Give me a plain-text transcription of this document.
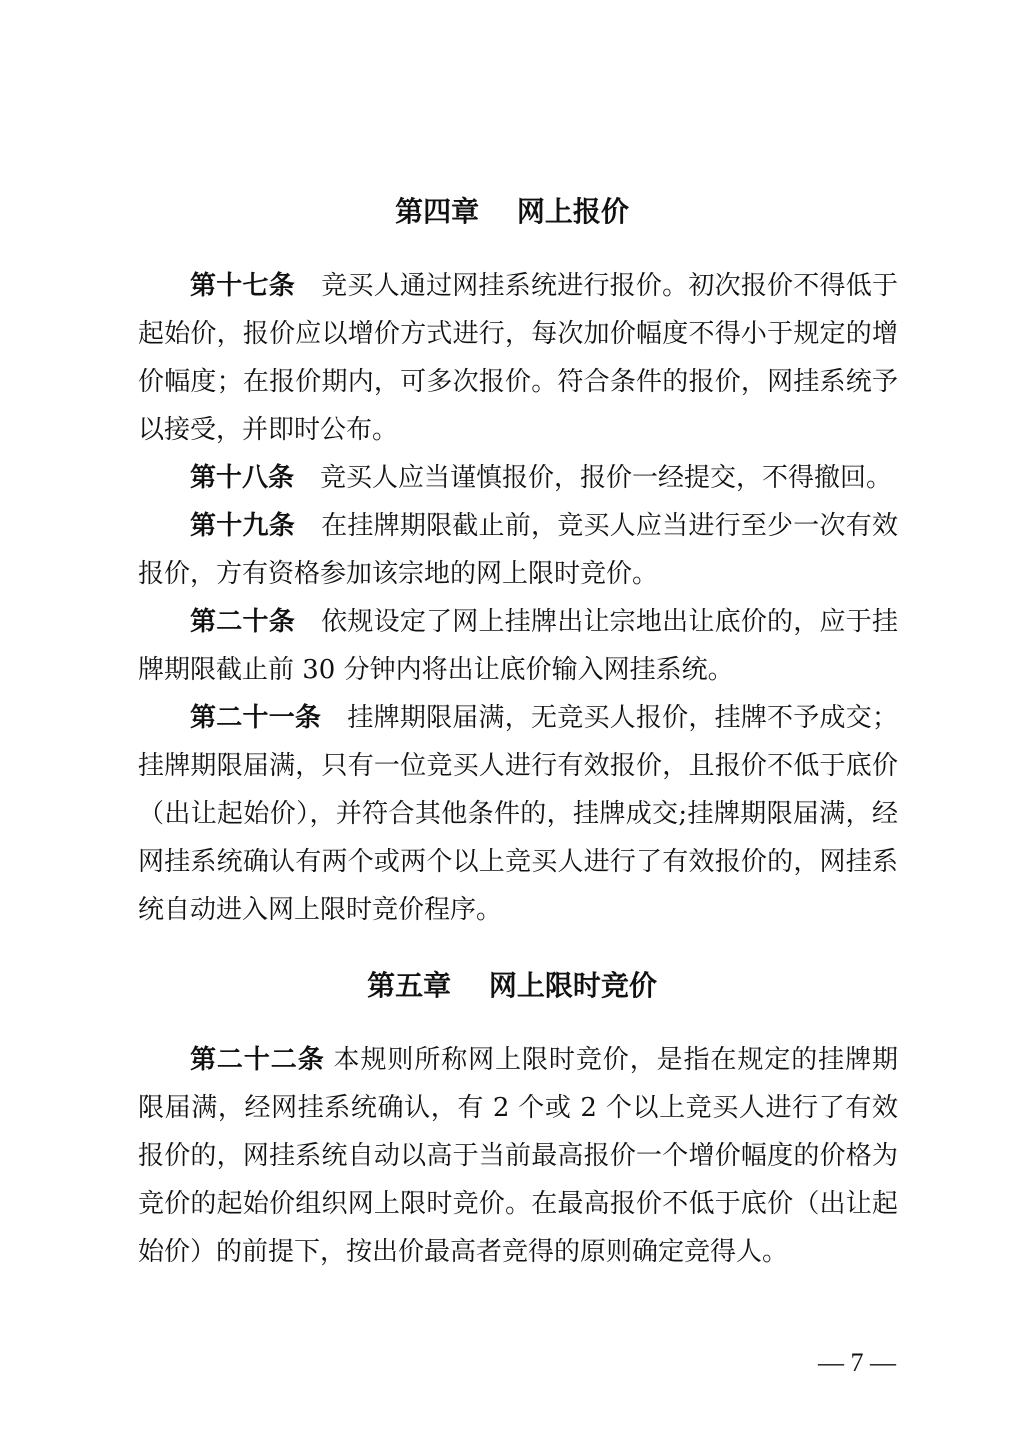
第四章　 网上报价
第十七条 竞买人通过网挂系统进行报价。初次报价不得低于起始价，报价应以增价方式进行，每次加价幅度不得小于规定的增价幅度；在报价期内，可多次报价。符合条件的报价，网挂系统予以接受，并即时公布。
第十八条 竞买人应当谨慎报价，报价一经提交，不得撤回。
第十九条 在挂牌期限截止前，竞买人应当进行至少一次有效报价，方有资格参加该宗地的网上限时竞价。
第二十条 依规设定了网上挂牌出让宗地出让底价的，应于挂牌期限截止前 30 分钟内将出让底价输入网挂系统。
第二十一条 挂牌期限届满，无竞买人报价，挂牌不予成交；挂牌期限届满，只有一位竞买人进行有效报价，且报价不低于底价（出让起始价），并符合其他条件的，挂牌成交;挂牌期限届满，经网挂系统确认有两个或两个以上竞买人进行了有效报价的，网挂系统自动进入网上限时竞价程序。
第五章　 网上限时竞价
第二十二条 本规则所称网上限时竞价，是指在规定的挂牌期限届满，经网挂系统确认，有 2 个或 2 个以上竞买人进行了有效报价的，网挂系统自动以高于当前最高报价一个增价幅度的价格为竞价的起始价组织网上限时竞价。在最高报价不低于底价（出让起始价）的前提下，按出价最高者竞得的原则确定竞得人。
— 7 —
